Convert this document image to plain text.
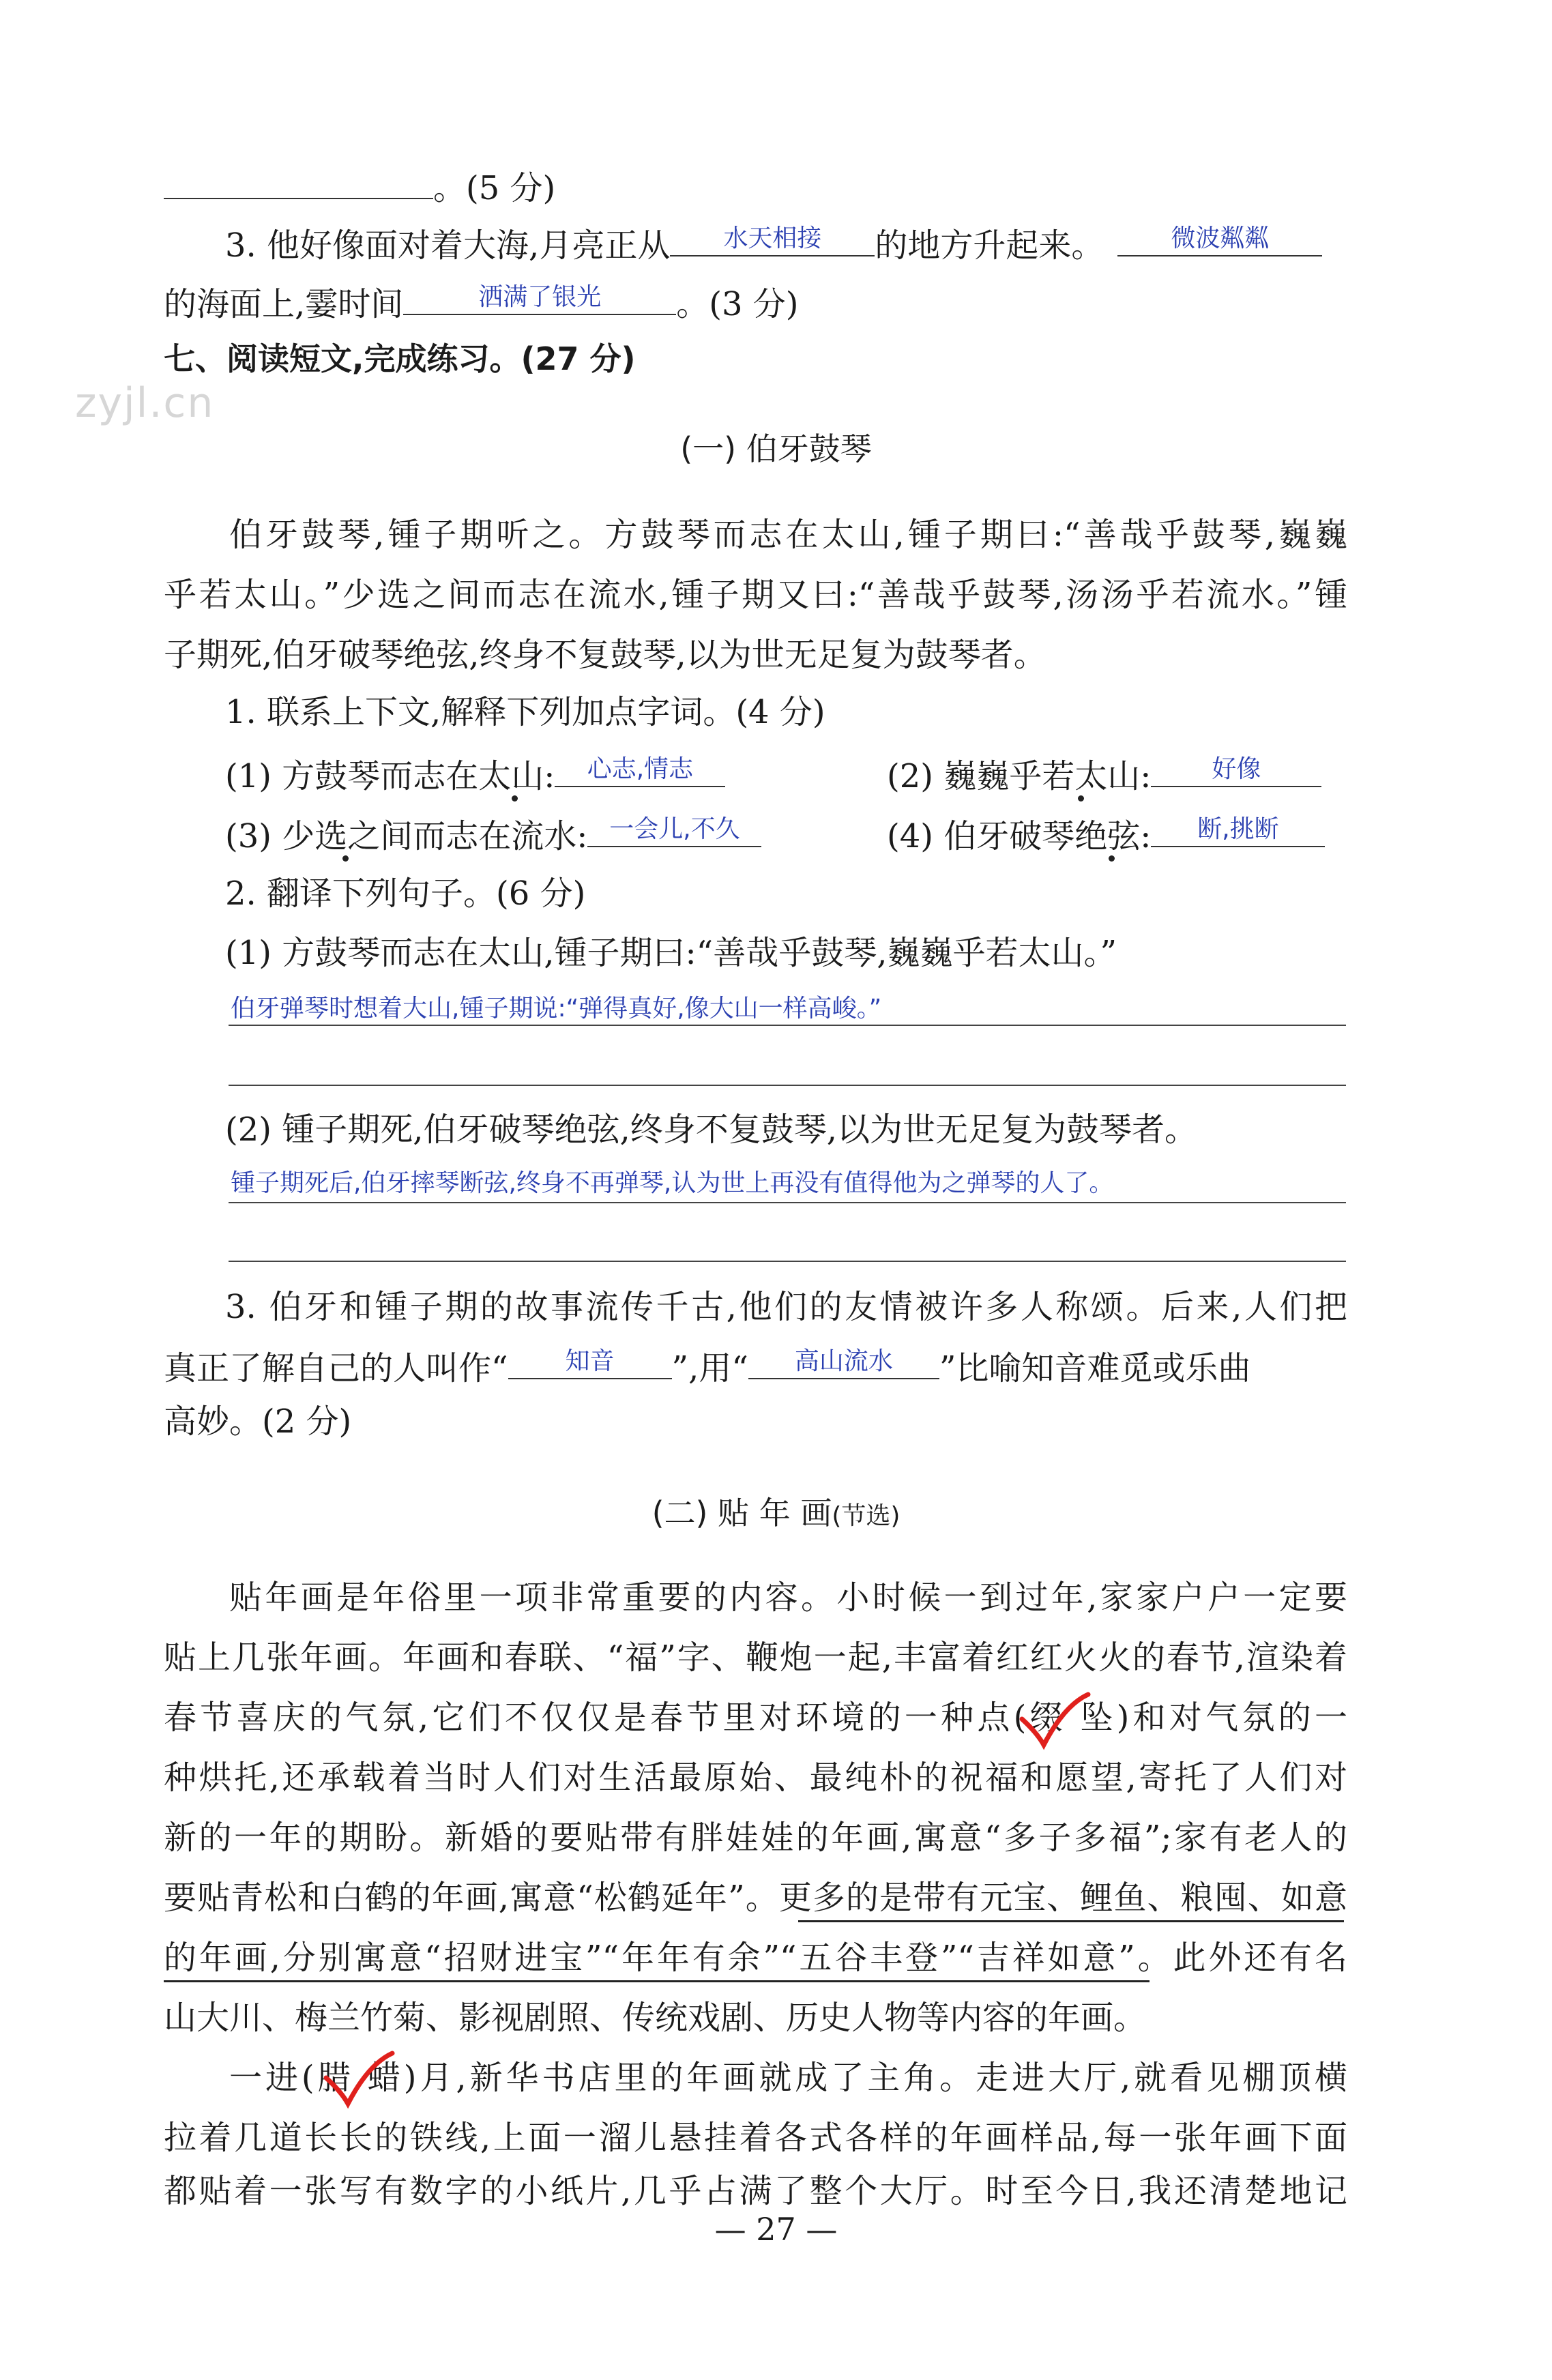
zyjl.cn
。(5 分)
3. 他好像面对着大海,月亮正从	水天相接	的地方升起来。	微波粼粼
的海面上,霎时间	洒满了银光	。(3 分)
七、阅读短文,完成练习。(27 分)
(一) 伯牙鼓琴
伯牙鼓琴,锺子期听之。方鼓琴而志在太山,锺子期曰:“善哉乎鼓琴,巍巍
乎若太山。”少选之间而志在流水,锺子期又曰:“善哉乎鼓琴,汤汤乎若流水。”锺
子期死,伯牙破琴绝弦,终身不复鼓琴,以为世无足复为鼓琴者。
1. 联系上下文,解释下列加点字词。(4 分)
(1) 方鼓琴而志在太山:	心志,情志	(2) 巍巍乎若太山:	好像
(3) 少选之间而志在流水: 一会儿,不久	(4) 伯牙破琴绝弦:	断,挑断
2. 翻译下列句子。(6 分)
(1) 方鼓琴而志在太山,锺子期曰:“善哉乎鼓琴,巍巍乎若太山。”
伯牙弹琴时想着大山,锺子期说:“弹得真好,像大山一样高峻。”
(2) 锺子期死,伯牙破琴绝弦,终身不复鼓琴,以为世无足复为鼓琴者。
锺子期死后,伯牙摔琴断弦,终身不再弹琴,认为世上再没有值得他为之弹琴的人了。
3. 伯牙和锺子期的故事流传千古,他们的友情被许多人称颂。后来,人们把
真正了解自己的人叫作“	知音	”,用“	高山流水	”比喻知音难觅或乐曲
高妙。(2 分)
(二) 贴 年 画(节选)
贴年画是年俗里一项非常重要的内容。小时候一到过年,家家户户一定要
贴上几张年画。年画和春联、“福”字、鞭炮一起,丰富着红红火火的春节,渲染着
春节喜庆的气氛,它们不仅仅是春节里对环境的一种点(缀 坠)和对气氛的一
种烘托,还承载着当时人们对生活最原始、最纯朴的祝福和愿望,寄托了人们对
新的一年的期盼。新婚的要贴带有胖娃娃的年画,寓意“多子多福”;家有老人的
要贴青松和白鹤的年画,寓意“松鹤延年”。更多的是带有元宝、鲤鱼、粮囤、如意
的年画,分别寓意“招财进宝”“年年有余”“五谷丰登”“吉祥如意”。此外还有名
山大川、梅兰竹菊、影视剧照、传统戏剧、历史人物等内容的年画。
一进(腊 蜡)月,新华书店里的年画就成了主角。走进大厅,就看见棚顶横
拉着几道长长的铁线,上面一溜儿悬挂着各式各样的年画样品,每一张年画下面
都贴着一张写有数字的小纸片,几乎占满了整个大厅。时至今日,我还清楚地记
— 27 —
